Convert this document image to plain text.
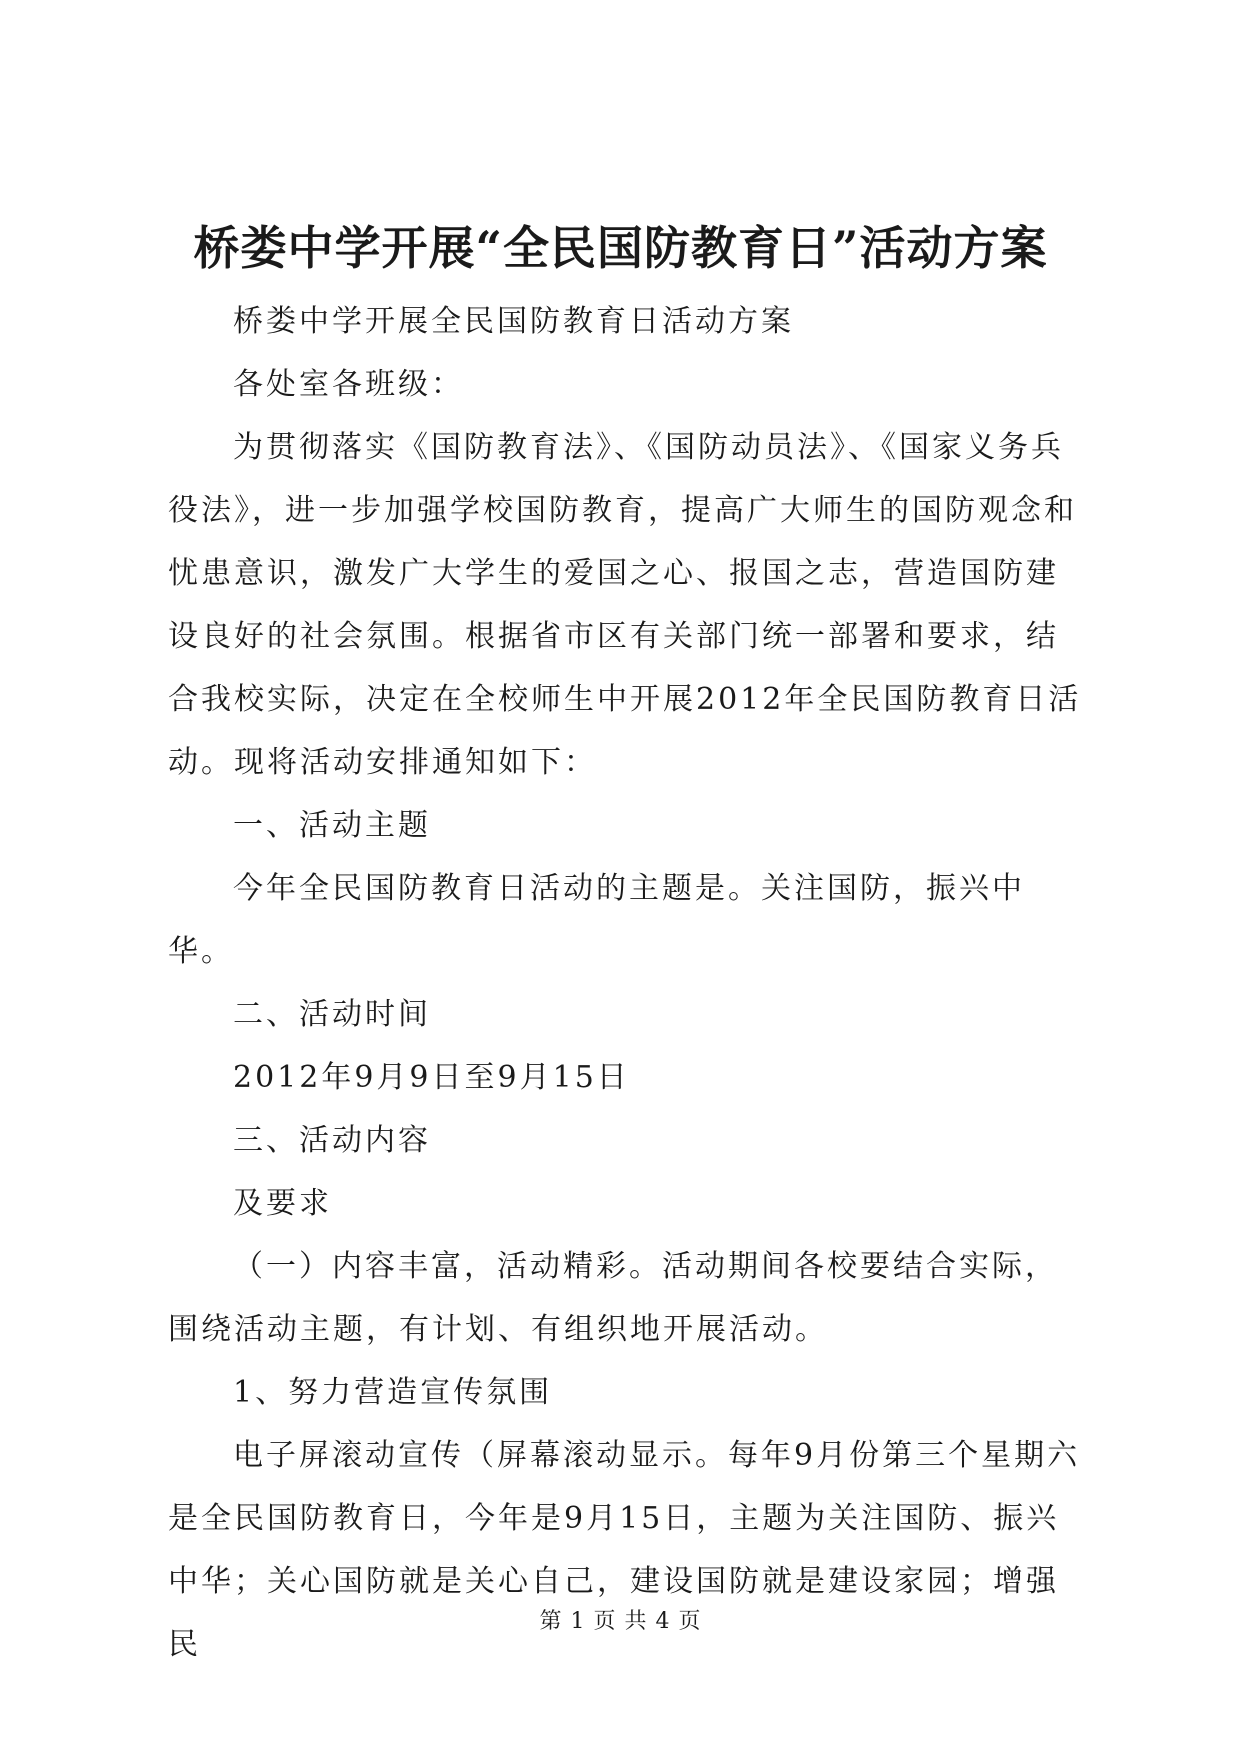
桥娄中学开展“全民国防教育日”活动方案

桥娄中学开展全民国防教育日活动方案

各处室各班级：

为贯彻落实《国防教育法》、《国防动员法》、《国家义务兵役法》，进一步加强学校国防教育，提高广大师生的国防观念和忧患意识，激发广大学生的爱国之心、报国之志，营造国防建设良好的社会氛围。根据省市区有关部门统一部署和要求，结合我校实际，决定在全校师生中开展2012年全民国防教育日活动。现将活动安排通知如下：

一、活动主题

今年全民国防教育日活动的主题是。关注国防，振兴中华。

二、活动时间

2012年9月9日至9月15日

三、活动内容

及要求

（一）内容丰富，活动精彩。活动期间各校要结合实际，围绕活动主题，有计划、有组织地开展活动。

1、努力营造宣传氛围

电子屏滚动宣传（屏幕滚动显示。每年9月份第三个星期六是全民国防教育日，今年是9月15日，主题为关注国防、振兴中华；关心国防就是关心自己，建设国防就是建设家园；增强民

第 1 页 共 4 页
